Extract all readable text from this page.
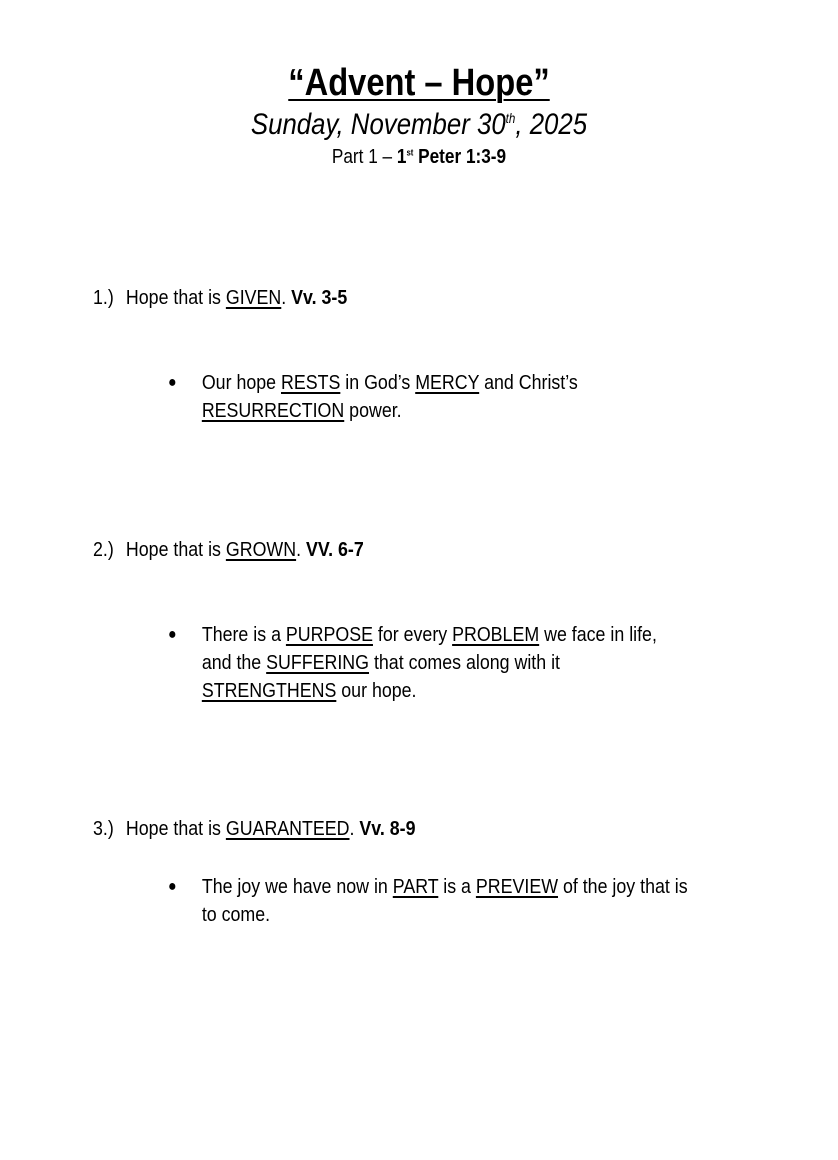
“Advent – Hope”
Sunday, November 30th, 2025
Part 1 – 1st Peter 1:3-9
1.) Hope that is GIVEN. Vv. 3-5
●	Our hope RESTS in God’s MERCY and Christ’s
RESURRECTION power.
2.) Hope that is GROWN. VV. 6-7
●	There is a PURPOSE for every PROBLEM we face in life,
and the SUFFERING that comes along with it
STRENGTHENS our hope.
3.) Hope that is GUARANTEED. Vv. 8-9
●	The joy we have now in PART is a PREVIEW of the joy that is
to come.
